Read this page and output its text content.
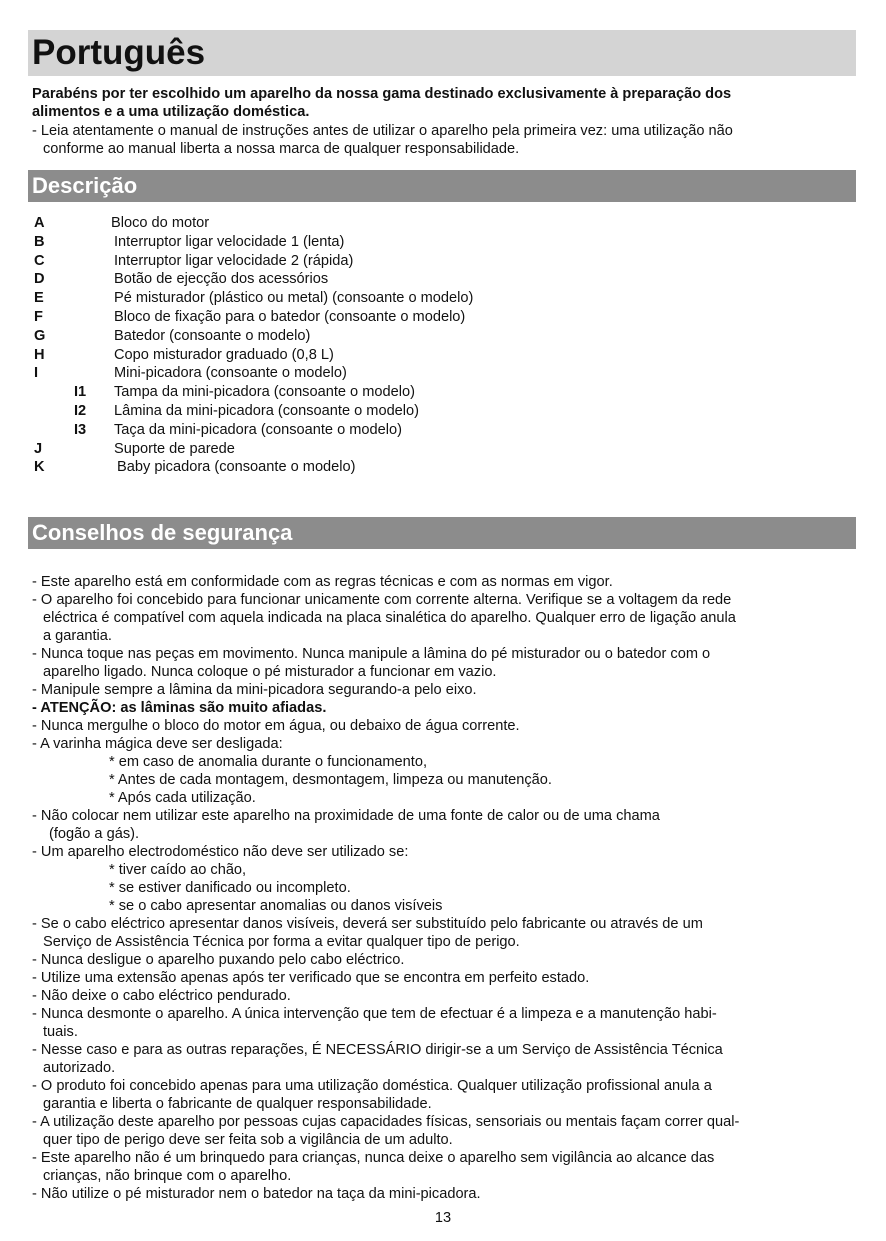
Português
Parabéns por ter escolhido um aparelho da nossa gama destinado exclusivamente à preparação dos
alimentos e a uma utilização doméstica.
- Leia atentamente o manual de instruções antes de utilizar o aparelho pela primeira vez: uma utilização não
conforme ao manual liberta a nossa marca de qualquer responsabilidade.
Descrição
A	Bloco do motor
B	Interruptor ligar velocidade 1 (lenta)
C	Interruptor ligar velocidade 2 (rápida)
D	Botão de ejecção dos acessórios
E	Pé misturador (plástico ou metal) (consoante o modelo)
F	Bloco de fixação para o batedor (consoante o modelo)
G	Batedor (consoante o modelo)
H	Copo misturador graduado (0,8 L)
I	Mini-picadora (consoante o modelo)
I1 Tampa da mini-picadora (consoante o modelo)
I2 Lâmina da mini-picadora (consoante o modelo)
I3 Taça da mini-picadora (consoante o modelo)
J	Suporte de parede
K	Baby picadora (consoante o modelo)
Conselhos de segurança
- Este aparelho está em conformidade com as regras técnicas e com as normas em vigor.
- O aparelho foi concebido para funcionar unicamente com corrente alterna. Verifique se a voltagem da rede
eléctrica é compatível com aquela indicada na placa sinalética do aparelho. Qualquer erro de ligação anula
a garantia.
- Nunca toque nas peças em movimento. Nunca manipule a lâmina do pé misturador ou o batedor com o
aparelho ligado. Nunca coloque o pé misturador a funcionar em vazio.
- Manipule sempre a lâmina da mini-picadora segurando-a pelo eixo.
- ATENÇÃO: as lâminas são muito afiadas.
- Nunca mergulhe o bloco do motor em água, ou debaixo de água corrente.
- A varinha mágica deve ser desligada:
* em caso de anomalia durante o funcionamento,
* Antes de cada montagem, desmontagem, limpeza ou manutenção.
* Após cada utilização.
- Não colocar nem utilizar este aparelho na proximidade de uma fonte de calor ou de uma chama
(fogão a gás).
- Um aparelho electrodoméstico não deve ser utilizado se:
* tiver caído ao chão,
* se estiver danificado ou incompleto.
* se o cabo apresentar anomalias ou danos visíveis
- Se o cabo eléctrico apresentar danos visíveis, deverá ser substituído pelo fabricante ou através de um
Serviço de Assistência Técnica por forma a evitar qualquer tipo de perigo.
- Nunca desligue o aparelho puxando pelo cabo eléctrico.
- Utilize uma extensão apenas após ter verificado que se encontra em perfeito estado.
- Não deixe o cabo eléctrico pendurado.
- Nunca desmonte o aparelho. A única intervenção que tem de efectuar é a limpeza e a manutenção habi-
tuais.
- Nesse caso e para as outras reparações, É NECESSÁRIO dirigir-se a um Serviço de Assistência Técnica
autorizado.
- O produto foi concebido apenas para uma utilização doméstica. Qualquer utilização profissional anula a
garantia e liberta o fabricante de qualquer responsabilidade.
- A utilização deste aparelho por pessoas cujas capacidades físicas, sensoriais ou mentais façam correr qual-
quer tipo de perigo deve ser feita sob a vigilância de um adulto.
- Este aparelho não é um brinquedo para crianças, nunca deixe o aparelho sem vigilância ao alcance das
crianças, não brinque com o aparelho.
- Não utilize o pé misturador nem o batedor na taça da mini-picadora.
13
